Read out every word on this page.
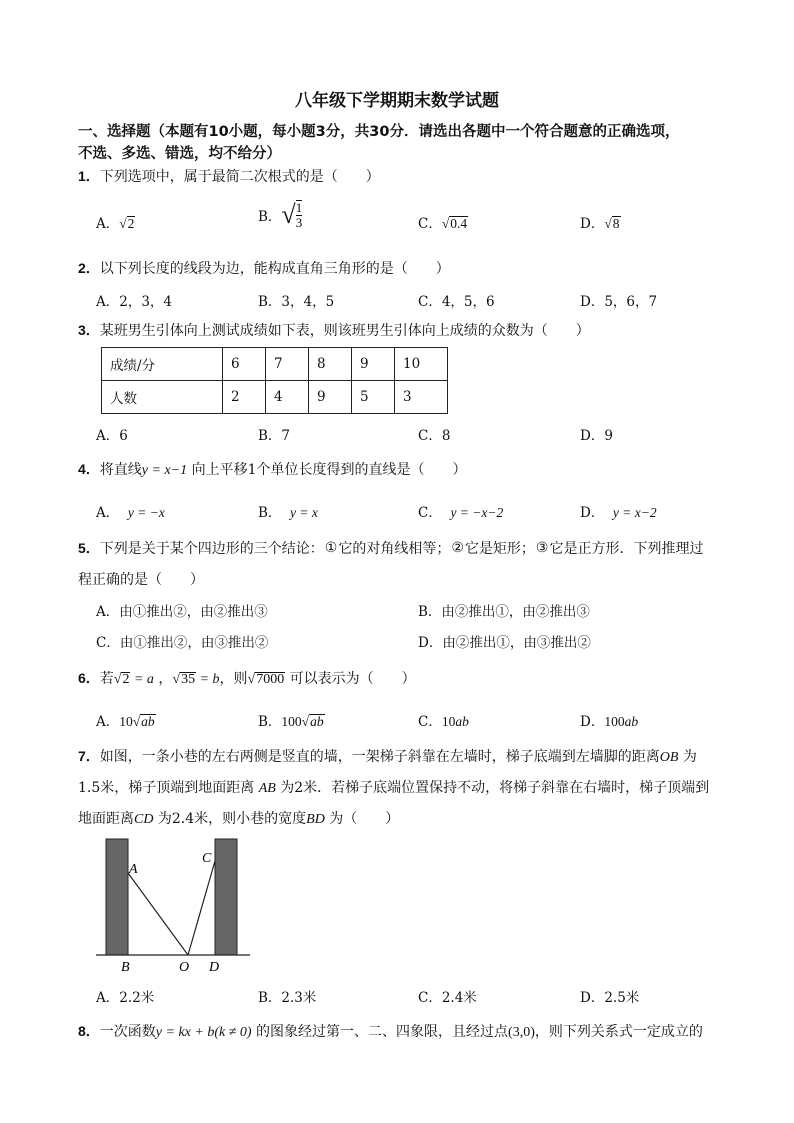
八年级下学期期末数学试题
一、选择题（本题有10小题，每小题3分，共30分．请选出各题中一个符合题意的正确选项，
不选、多选、错选，均不给分）
1．下列选项中，属于最简二次根式的是（　　）
A．√2	B．√ $\frac{1}{3}$	C．√0.4	D．√8
2．以下列长度的线段为边，能构成直角三角形的是（　　）
A．2，3，4	B．3，4，5	C．4，5，6	D．5，6，7
3．某班男生引体向上测试成绩如下表，则该班男生引体向上成绩的众数为（　　）
成绩/分	6	7	8	9	10
人数	2	4	9	5	3
A．6	B．7	C．8	D．9
4．将直线y = x−1 向上平移1个单位长度得到的直线是（　　）
A． y = −x	B． y = x	C． y = −x−2	D． y = x−2
5．下列是关于某个四边形的三个结论：①它的对角线相等；②它是矩形；③它是正方形．下列推理过
程正确的是（　　）
A．由①推出②，由②推出③	B．由②推出①，由②推出③
C．由①推出②，由③推出②	D．由②推出①，由③推出②
6．若√2 = a ，√35 = b，则√7000 可以表示为（　　）
A．10√ab	B．100√ab	C．10ab	D．100ab
7．如图，一条小巷的左右两侧是竖直的墙，一架梯子斜靠在左墙时，梯子底端到左墙脚的距离OB 为
1.5米，梯子顶端到地面距离 AB 为2米．若梯子底端位置保持不动，将梯子斜靠在右墙时，梯子顶端到
地面距离CD 为2.4米，则小巷的宽度BD 为（　　）
A
B
C
D
O
A．2.2米	B．2.3米	C．2.4米	D．2.5米
8．一次函数y = kx + b(k ≠ 0) 的图象经过第一、二、四象限，且经过点(3,0)，则下列关系式一定成立的
